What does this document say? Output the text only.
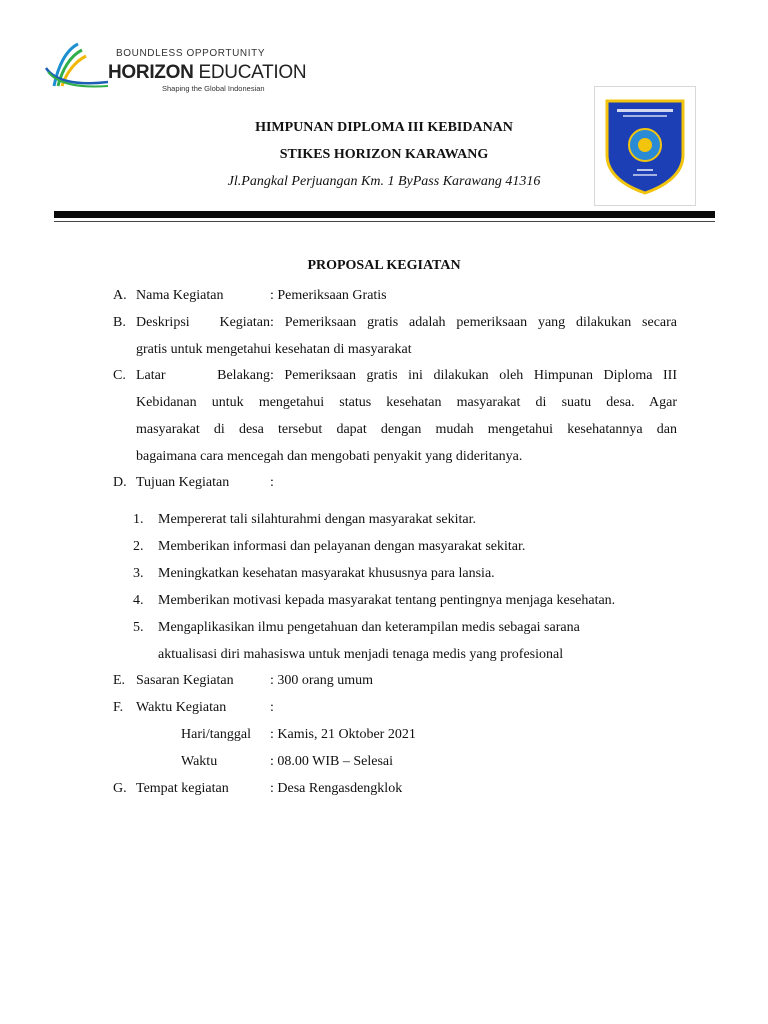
BOUNDLESS OPPORTUNITY
HORIZON EDUCATION
Shaping the Global Indonesian
HIMPUNAN DIPLOMA III KEBIDANAN
STIKES HORIZON KARAWANG
Jl.Pangkal Perjuangan Km. 1 ByPass Karawang 41316
PROPOSAL KEGIATAN
A. Nama Kegiatan	: Pemeriksaan Gratis
B. Deskripsi Kegiatan: Pemeriksaan gratis adalah pemeriksaan yang dilakukan secara
gratis untuk mengetahui kesehatan di masyarakat
C. Latar Belakang: Pemeriksaan gratis ini dilakukan oleh Himpunan Diploma III
Kebidanan untuk mengetahui status kesehatan masyarakat di suatu desa. Agar
masyarakat di desa tersebut dapat dengan mudah mengetahui kesehatannya dan
bagaimana cara mencegah dan mengobati penyakit yang dideritanya.
D. Tujuan Kegiatan	:
1. Mempererat tali silahturahmi dengan masyarakat sekitar.
2. Memberikan informasi dan pelayanan dengan masyarakat sekitar.
3. Meningkatkan kesehatan masyarakat khususnya para lansia.
4. Memberikan motivasi kepada masyarakat tentang pentingnya menjaga kesehatan.
5. Mengaplikasikan ilmu pengetahuan dan keterampilan medis sebagai sarana
aktualisasi diri mahasiswa untuk menjadi tenaga medis yang profesional
E. Sasaran Kegiatan	: 300 orang umum
F. Waktu Kegiatan	:
Hari/tanggal : Kamis, 21 Oktober 2021
Waktu	: 08.00 WIB – Selesai
G. Tempat kegiatan	: Desa Rengasdengklok
